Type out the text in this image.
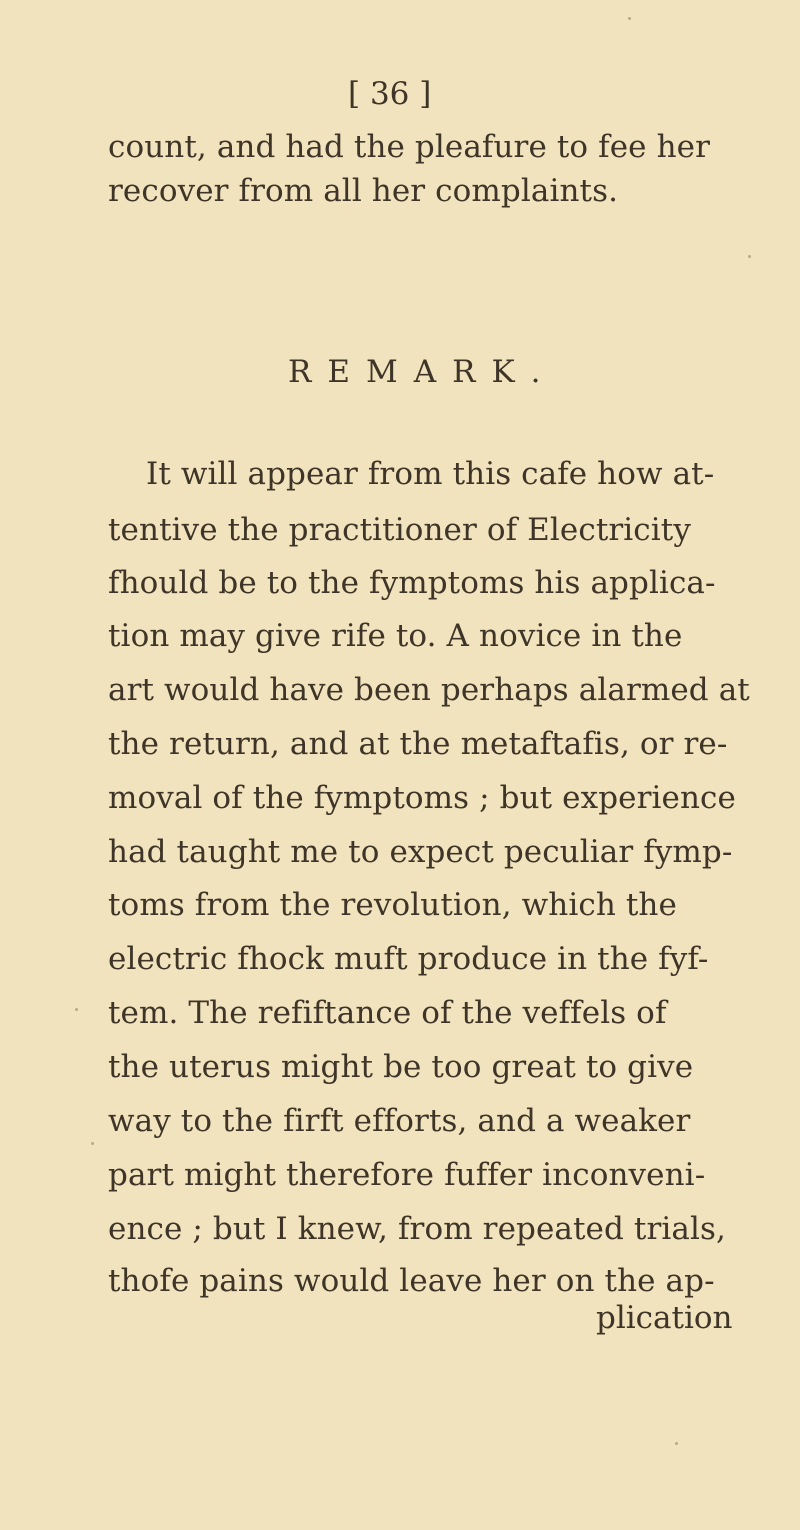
[ 36 ]
count, and had the pleafure to fee her
recover from all her complaints.
REMARK.
It will appear from this cafe how at-
tentive the practitioner of Electricity
fhould be to the fymptoms his applica-
tion may give rife to. A novice in the
art would have been perhaps alarmed at
the return, and at the metaftafis, or re-
moval of the fymptoms ; but experience
had taught me to expect peculiar fymp-
toms from the revolution, which the
electric fhock muft produce in the fyf-
tem. The refiftance of the veffels of
the uterus might be too great to give
way to the firft efforts, and a weaker
part might therefore fuffer inconveni-
ence ; but I knew, from repeated trials,
thofe pains would leave her on the ap-
plication
